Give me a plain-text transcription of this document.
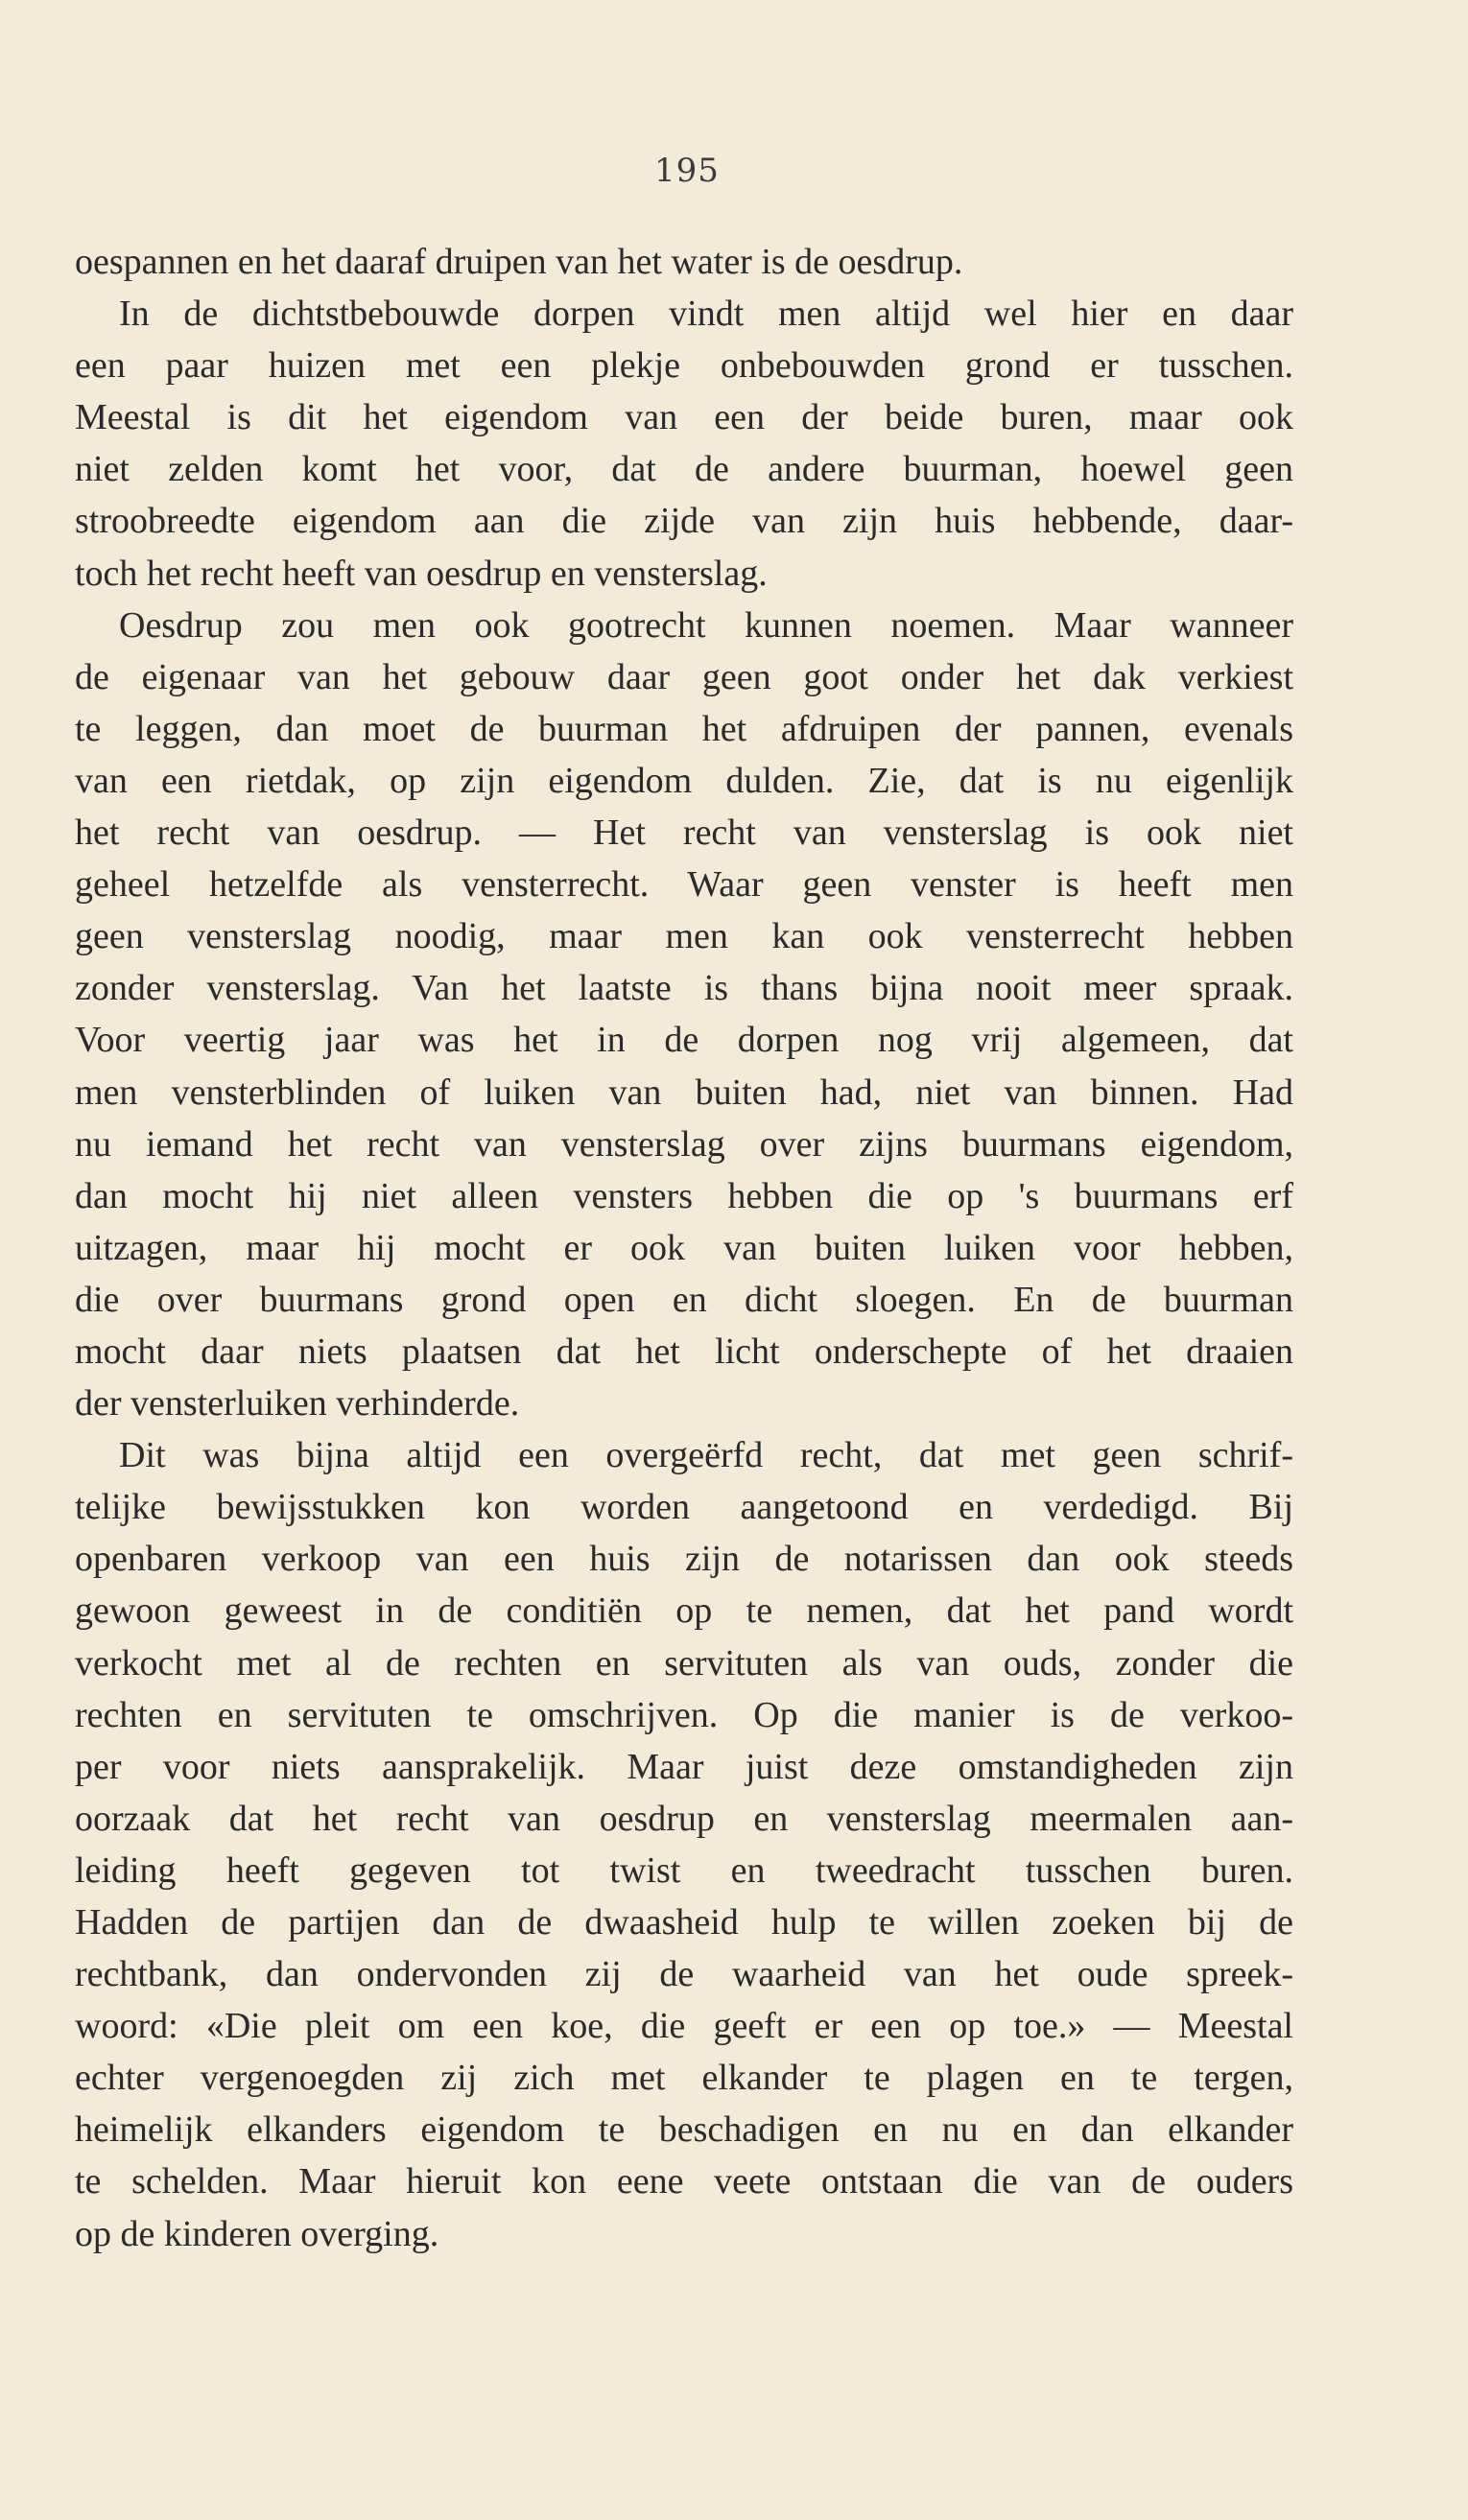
195
oespannen en het daaraf druipen van het water is de oesdrup.
In de dichtstbebouwde dorpen vindt men altijd wel hier en daar
een paar huizen met een plekje onbebouwden grond er tusschen.
Meestal is dit het eigendom van een der beide buren, maar ook
niet zelden komt het voor, dat de andere buurman, hoewel geen
stroobreedte eigendom aan die zijde van zijn huis hebbende, daar-
toch het recht heeft van oesdrup en vensterslag.
Oesdrup zou men ook gootrecht kunnen noemen. Maar wanneer
de eigenaar van het gebouw daar geen goot onder het dak verkiest
te leggen, dan moet de buurman het afdruipen der pannen, evenals
van een rietdak, op zijn eigendom dulden. Zie, dat is nu eigenlijk
het recht van oesdrup. — Het recht van vensterslag is ook niet
geheel hetzelfde als vensterrecht. Waar geen venster is heeft men
geen vensterslag noodig, maar men kan ook vensterrecht hebben
zonder vensterslag. Van het laatste is thans bijna nooit meer spraak.
Voor veertig jaar was het in de dorpen nog vrij algemeen, dat
men vensterblinden of luiken van buiten had, niet van binnen. Had
nu iemand het recht van vensterslag over zijns buurmans eigendom,
dan mocht hij niet alleen vensters hebben die op 's buurmans erf
uitzagen, maar hij mocht er ook van buiten luiken voor hebben,
die over buurmans grond open en dicht sloegen. En de buurman
mocht daar niets plaatsen dat het licht onderschepte of het draaien
der vensterluiken verhinderde.
Dit was bijna altijd een overgeërfd recht, dat met geen schrif-
telijke bewijsstukken kon worden aangetoond en verdedigd. Bij
openbaren verkoop van een huis zijn de notarissen dan ook steeds
gewoon geweest in de conditiën op te nemen, dat het pand wordt
verkocht met al de rechten en servituten als van ouds, zonder die
rechten en servituten te omschrijven. Op die manier is de verkoo-
per voor niets aansprakelijk. Maar juist deze omstandigheden zijn
oorzaak dat het recht van oesdrup en vensterslag meermalen aan-
leiding heeft gegeven tot twist en tweedracht tusschen buren.
Hadden de partijen dan de dwaasheid hulp te willen zoeken bij de
rechtbank, dan ondervonden zij de waarheid van het oude spreek-
woord: «Die pleit om een koe, die geeft er een op toe.» — Meestal
echter vergenoegden zij zich met elkander te plagen en te tergen,
heimelijk elkanders eigendom te beschadigen en nu en dan elkander
te schelden. Maar hieruit kon eene veete ontstaan die van de ouders
op de kinderen overging.
